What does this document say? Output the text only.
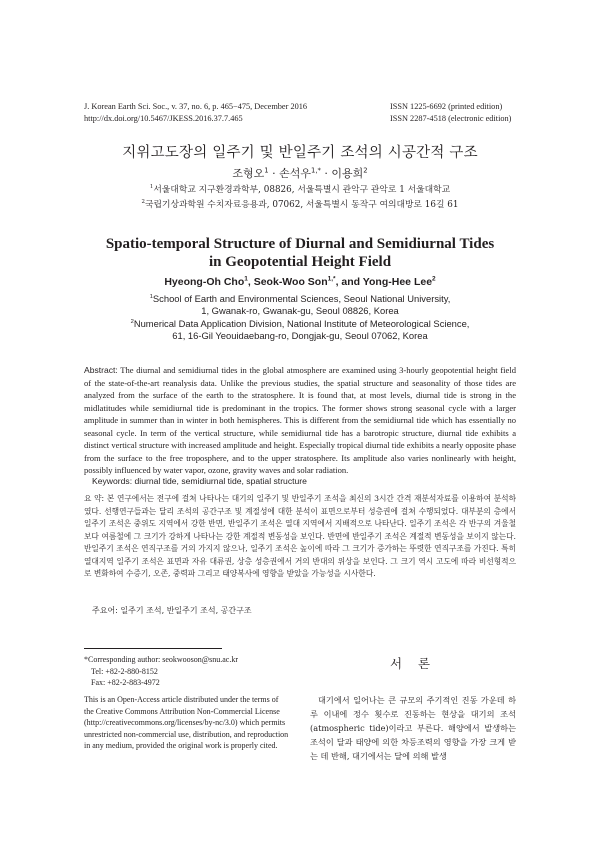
J. Korean Earth Sci. Soc., v. 37, no. 6, p. 465−475, December 2016
http://dx.doi.org/10.5467/JKESS.2016.37.7.465
ISSN 1225-6692 (printed edition)
ISSN 2287-4518 (electronic edition)
지위고도장의 일주기 및 반일주기 조석의 시공간적 구조
조형오$^1$ · 손석우$^{1,*}$ · 이용희$^2$
$^1$서울대학교 지구환경과학부, 08826, 서울특별시 관악구 관악로 1 서울대학교
$^2$국립기상과학원 수치자료응용과, 07062, 서울특별시 동작구 여의대방로 16길 61
Spatio-temporal Structure of Diurnal and Semidiurnal Tides
in Geopotential Height Field
Hyeong-Oh Cho$^1$, Seok-Woo Son$^{1,*}$, and Yong-Hee Lee$^2$
$^1$School of Earth and Environmental Sciences, Seoul National University,
1, Gwanak-ro, Gwanak-gu, Seoul 08826, Korea
$^2$Numerical Data Application Division, National Institute of Meteorological Science,
61, 16-Gil Yeouidaebang-ro, Dongjak-gu, Seoul 07062, Korea
Abstract: The diurnal and semidiurnal tides in the global atmosphere are examined using 3-hourly geopotential height field of the state-of-the-art reanalysis data. Unlike the previous studies, the spatial structure and seasonality of those tides are analyzed from the surface of the earth to the stratosphere. It is found that, at most levels, diurnal tide is strong in the midlatitudes while semidiurnal tide is predominant in the tropics. The former shows strong seasonal cycle with a larger amplitude in summer than in winter in both hemispheres. This is different from the semidiurnal tide which has essentially no seasonal cycle. In term of the vertical structure, while semidiurnal tide has a barotropic structure, diurnal tide exhibits a distinct vertical structure with increased amplitude and height. Especially tropical diurnal tide exhibits a nearly opposite phase from the surface to the free troposphere, and to the upper stratosphere. Its amplitude also varies nonlinearly with height, possibly influenced by water vapor, ozone, gravity waves and solar radiation.
Keywords: diurnal tide, semidiurnal tide, spatial structure
요 약: 본 연구에서는 전구에 걸쳐 나타나는 대기의 일주기 및 반일주기 조석을 최신의 3시간 간격 재분석자료를 이용하여 분석하였다. 선행연구들과는 달리 조석의 공간구조 및 계절성에 대한 분석이 표면으로부터 성층권에 걸쳐 수행되었다. 대부분의 층에서 일주기 조석은 중위도 지역에서 강한 반면, 반일주기 조석은 열대 지역에서 지배적으로 나타난다. 일주기 조석은 각 반구의 겨울철보다 여름철에 그 크기가 강하게 나타나는 강한 계절적 변동성을 보인다. 반면에 반일주기 조석은 계절적 변동성을 보이지 않는다. 반일주기 조석은 연직구조를 거의 가지지 않으나, 일주기 조석은 높이에 따라 그 크기가 증가하는 뚜렷한 연직구조를 가진다. 특히 열대지역 일주기 조석은 표면과 자유 대류권, 상층 성층권에서 거의 반대의 위상을 보인다. 그 크기 역시 고도에 따라 비선형적으로 변화하여 수증기, 오존, 중력파 그리고 태양복사에 영향을 받았을 가능성을 시사한다.
주요어: 일주기 조석, 반일주기 조석, 공간구조
*Corresponding author: seokwooson@snu.ac.kr
Tel: +82-2-880-8152
Fax: +82-2-883-4972
This is an Open-Access article distributed under the terms of the Creative Commons Attribution Non-Commercial License (http://creativecommons.org/licenses/by-nc/3.0) which permits unrestricted non-commercial use, distribution, and reproduction in any medium, provided the original work is properly cited.
서 론
대기에서 일어나는 큰 규모의 주기적인 진동 가운데 하루 이내에 정수 횟수로 진동하는 현상을 대기의 조석(atmospheric tide)이라고 부른다. 해양에서 발생하는 조석이 달과 태양에 의한 차등조력의 영향을 가장 크게 받는 데 반해, 대기에서는 달에 의해 발생
